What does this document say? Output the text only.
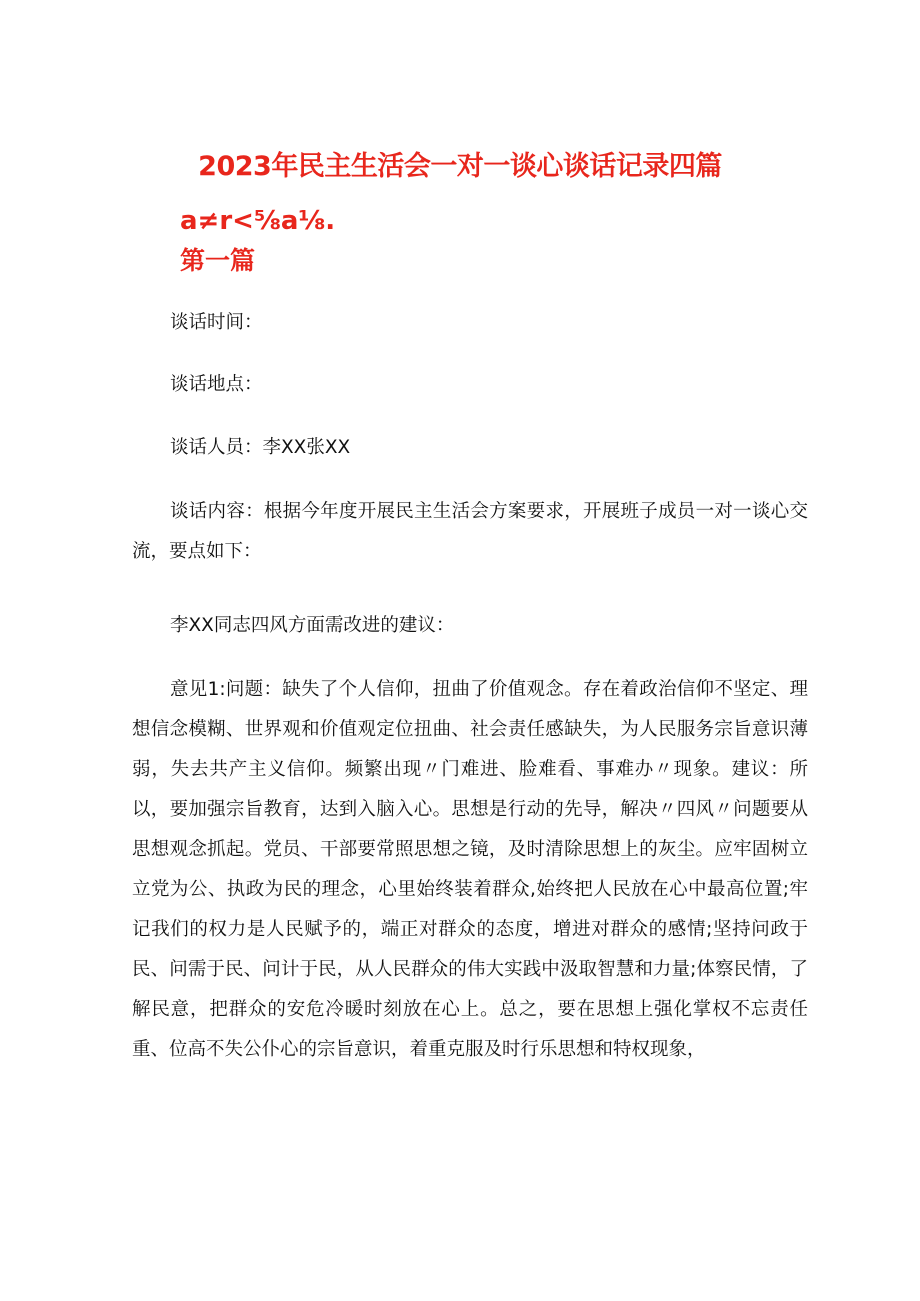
2023年民主生活会一对一谈心谈话记录四篇
a≠r<⅝a⅛.
第一篇
谈话时间：
谈话地点：
谈话人员：李XX张XX
谈话内容：根据今年度开展民主生活会方案要求，开展班子成员一对一谈心交流，要点如下：
李XX同志四风方面需改进的建议：
意见1:问题：缺失了个人信仰，扭曲了价值观念。存在着政治信仰不坚定、理想信念模糊、世界观和价值观定位扭曲、社会责任感缺失，为人民服务宗旨意识薄弱，失去共产主义信仰。频繁出现〃门难进、脸难看、事难办〃现象。建议：所以，要加强宗旨教育，达到入脑入心。思想是行动的先导，解决〃四风〃问题要从思想观念抓起。党员、干部要常照思想之镜，及时清除思想上的灰尘。应牢固树立立党为公、执政为民的理念，心里始终装着群众,始终把人民放在心中最高位置;牢记我们的权力是人民赋予的，端正对群众的态度，增进对群众的感情;坚持问政于民、问需于民、问计于民，从人民群众的伟大实践中汲取智慧和力量;体察民情，了解民意，把群众的安危冷暖时刻放在心上。总之，要在思想上强化掌权不忘责任重、位高不失公仆心的宗旨意识，着重克服及时行乐思想和特权现象，
